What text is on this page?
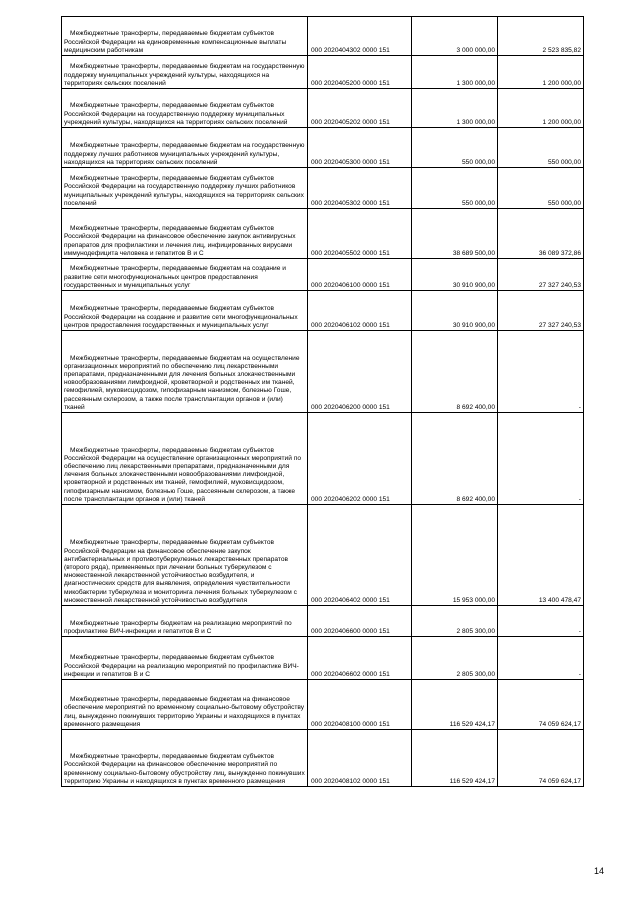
Межбюджетные трансферты, передаваемые бюджетам субъектов Российской Федерации на единовременные компенсационные выплаты медицинским работникам	000 2020404302 0000 151	3 000 000,00	2 523 835,82
Межбюджетные трансферты, передаваемые бюджетам на государственную поддержку муниципальных учреждений культуры, находящихся на территориях сельских поселений	000 2020405200 0000 151	1 300 000,00	1 200 000,00
Межбюджетные трансферты, передаваемые бюджетам субъектов Российской Федерации на государственную поддержку муниципальных учреждений культуры, находящихся на территориях сельских поселений	000 2020405202 0000 151	1 300 000,00	1 200 000,00
Межбюджетные трансферты, передаваемые бюджетам на государственную поддержку лучших работников муниципальных учреждений культуры, находящихся на территориях сельских поселений	000 2020405300 0000 151	550 000,00	550 000,00
Межбюджетные трансферты, передаваемые бюджетам субъектов Российской Федерации на государственную поддержку лучших работников муниципальных учреждений культуры, находящихся на территориях сельских поселений	000 2020405302 0000 151	550 000,00	550 000,00
Межбюджетные трансферты, передаваемые бюджетам субъектов Российской Федерации на финансовое обеспечение закупок антивирусных препаратов для профилактики и лечения лиц, инфицированных вирусами иммунодефицита человека и гепатитов В и С	000 2020405502 0000 151	38 689 500,00	36 089 372,86
Межбюджетные трансферты, передаваемые бюджетам на создание и развитие сети многофункциональных центров предоставления государственных и муниципальных услуг	000 2020406100 0000 151	30 910 900,00	27 327 240,53
Межбюджетные трансферты, передаваемые бюджетам субъектов Российской Федерации на создание и развитие сети многофункциональных центров предоставления государственных и муниципальных услуг	000 2020406102 0000 151	30 910 900,00	27 327 240,53
Межбюджетные трансферты, передаваемые бюджетам на осуществление организационных мероприятий по обеспечению лиц лекарственными препаратами, предназначенными для лечения больных злокачественными новообразованиями лимфоидной, кроветворной и родственных им тканей, гемофилией, муковисцидозом, гипофизарным нанизмом, болезнью Гоше, рассеянным склерозом, а также после трансплантации органов и (или) тканей	000 2020406200 0000 151	8 692 400,00	-
Межбюджетные трансферты, передаваемые бюджетам субъектов Российской Федерации на осуществление организационных мероприятий по обеспечению лиц лекарственными препаратами, предназначенными для лечения больных злокачественными новообразованиями лимфоидной, кроветворной и родственных им тканей, гемофилией, муковисцидозом, гипофизарным нанизмом, болезнью Гоше, рассеянным склерозом, а также после трансплантации органов и (или) тканей	000 2020406202 0000 151	8 692 400,00	-
Межбюджетные трансферты, передаваемые бюджетам субъектов Российской Федерации на финансовое обеспечение закупок антибактериальных и противотуберкулезных лекарственных препаратов (второго ряда), применяемых при лечении больных туберкулезом с множественной лекарственной устойчивостью возбудителя, и диагностических средств для выявления, определения чувствительности микобактерии туберкулеза и мониторинга лечения больных туберкулезом с множественной лекарственной устойчивостью возбудителя	000 2020406402 0000 151	15 953 000,00	13 400 478,47
Межбюджетные трансферты бюджетам на реализацию мероприятий по профилактике ВИЧ-инфекции и гепатитов В и С	000 2020406600 0000 151	2 805 300,00	-
Межбюджетные трансферты, передаваемые бюджетам субъектов Российской Федерации на реализацию мероприятий по профилактике ВИЧ-инфекции и гепатитов В и С	000 2020406602 0000 151	2 805 300,00	-
Межбюджетные трансферты, передаваемые бюджетам на финансовое обеспечение мероприятий по временному социально-бытовому обустройству лиц, вынужденно покинувших территорию Украины и находящихся в пунктах временного размещения	000 2020408100 0000 151	116 529 424,17	74 059 624,17
Межбюджетные трансферты, передаваемые бюджетам субъектов Российской Федерации на финансовое обеспечение мероприятий по временному социально-бытовому обустройству лиц, вынужденно покинувших территорию Украины и находящихся в пунктах временного размещения	000 2020408102 0000 151	116 529 424,17	74 059 624,17
14
